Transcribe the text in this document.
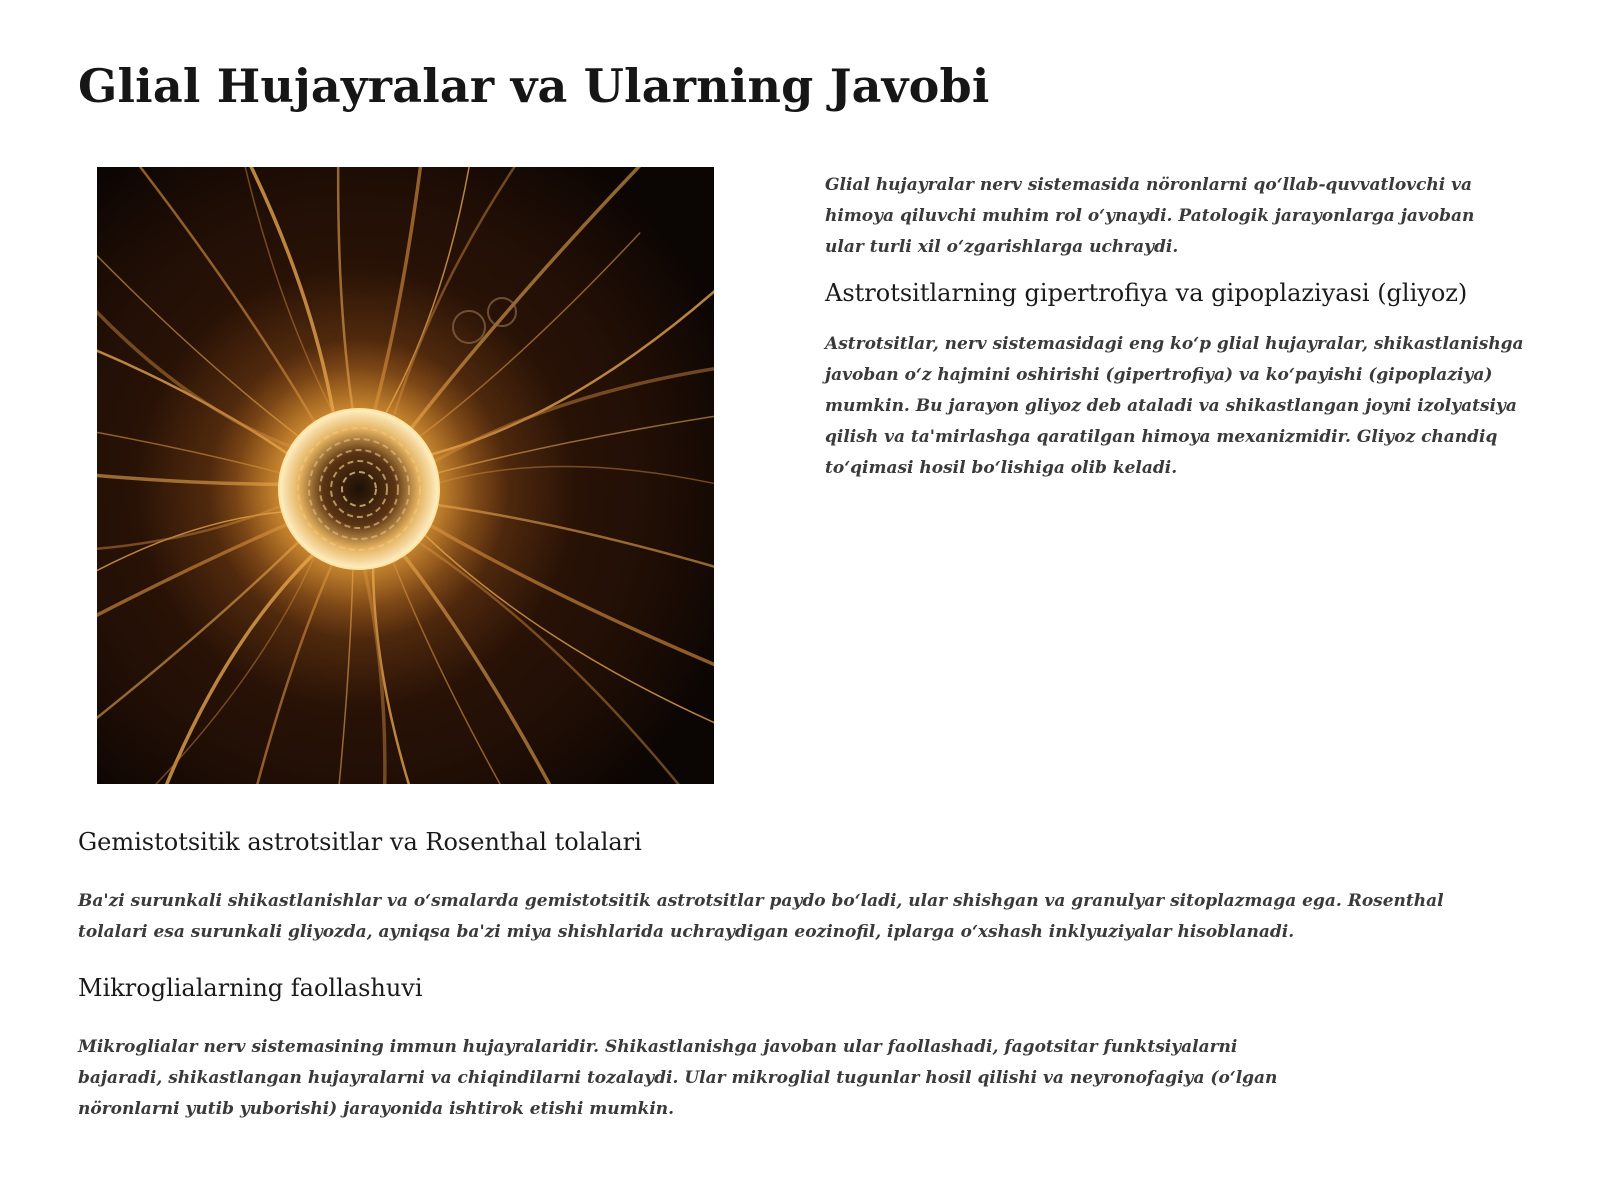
Glial Hujayralar va Ularning Javobi

Glial hujayralar nerv sistemasida nöronlarni qo‘llab-quvvatlovchi va himoya qiluvchi muhim rol o‘ynaydi. Patologik jarayonlarga javoban ular turli xil o‘zgarishlarga uchraydi.

Astrotsitlarning gipertrofiya va gipoplaziyasi (gliyoz)

Astrotsitlar, nerv sistemasidagi eng ko‘p glial hujayralar, shikastlanishga javoban o‘z hajmini oshirishi (gipertrofiya) va ko‘payishi (gipoplaziya) mumkin. Bu jarayon gliyoz deb ataladi va shikastlangan joyni izolyatsiya qilish va ta'mirlashga qaratilgan himoya mexanizmidir. Gliyoz chandiq to‘qimasi hosil bo‘lishiga olib keladi.

Gemistotsitik astrotsitlar va Rosenthal tolalari

Ba'zi surunkali shikastlanishlar va o‘smalarda gemistotsitik astrotsitlar paydo bo‘ladi, ular shishgan va granulyar sitoplazmaga ega. Rosenthal tolalari esa surunkali gliyozda, ayniqsa ba'zi miya shishlarida uchraydigan eozinofil, iplarga o‘xshash inklyuziyalar hisoblanadi.

Mikroglialarning faollashuvi

Mikroglialar nerv sistemasining immun hujayralaridir. Shikastlanishga javoban ular faollashadi, fagotsitar funktsiyalarni bajaradi, shikastlangan hujayralarni va chiqindilarni tozalaydi. Ular mikroglial tugunlar hosil qilishi va neyronofagiya (o‘lgan nöronlarni yutib yuborishi) jarayonida ishtirok etishi mumkin.
